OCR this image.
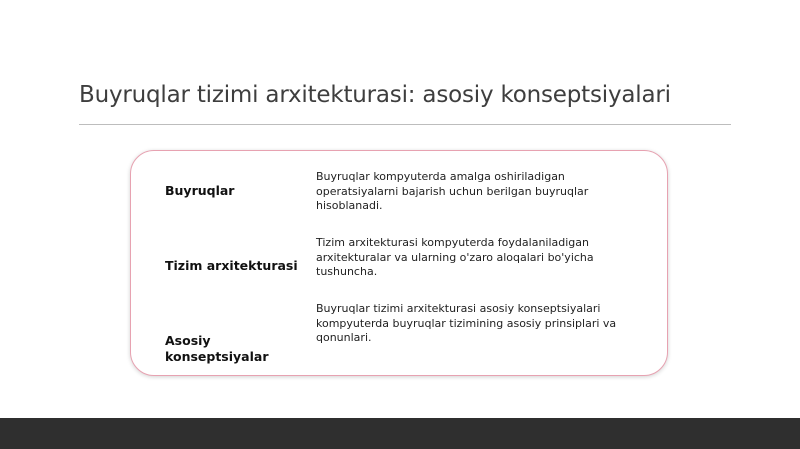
Buyruqlar tizimi arxitekturasi: asosiy konseptsiyalari

Buyruqlar

Buyruqlar kompyuterda amalga oshiriladigan operatsiyalarni bajarish uchun berilgan buyruqlar hisoblanadi.

Tizim arxitekturasi

Tizim arxitekturasi kompyuterda foydalaniladigan arxitekturalar va ularning o'zaro aloqalari bo'yicha tushuncha.

Asosiy konseptsiyalar

Buyruqlar tizimi arxitekturasi asosiy konseptsiyalari kompyuterda buyruqlar tizimining asosiy prinsiplari va qonunlari.
